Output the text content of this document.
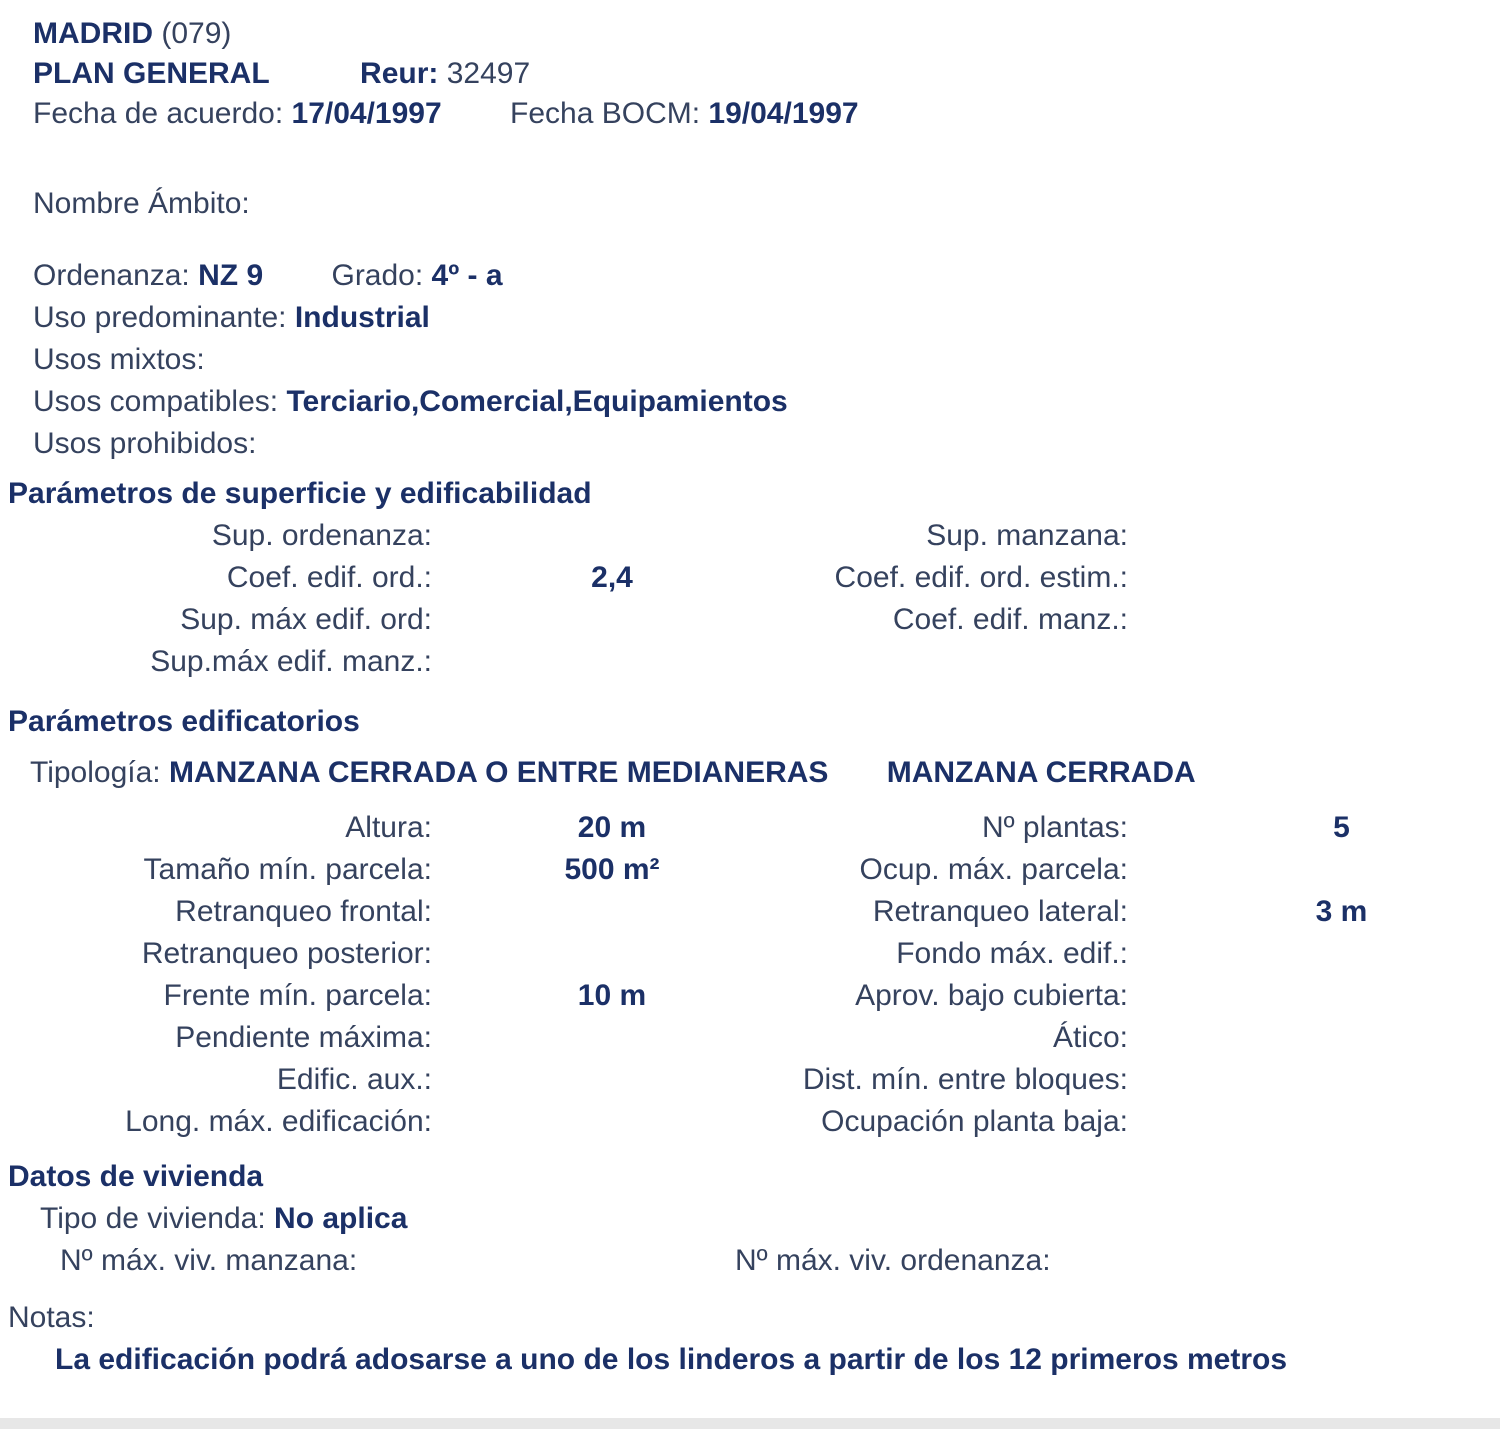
MADRID (079)
PLAN GENERAL	Reur: 32497
Fecha de acuerdo: 17/04/1997 Fecha BOCM: 19/04/1997
Nombre Ámbito:
Ordenanza: NZ 9 Grado: 4º - a
Uso predominante: Industrial
Usos mixtos:
Usos compatibles: Terciario,Comercial,Equipamientos
Usos prohibidos:
Parámetros de superficie y edificabilidad
Sup. ordenanza:	Sup. manzana:
Coef. edif. ord.:	2,4	Coef. edif. ord. estim.:
Sup. máx edif. ord:	Coef. edif. manz.:
Sup.máx edif. manz.:
Parámetros edificatorios
Tipología: MANZANA CERRADA O ENTRE MEDIANERAS MANZANA CERRADA
Altura:	20 m	Nº plantas:	5
Tamaño mín. parcela:	500 m²	Ocup. máx. parcela:
Retranqueo frontal:	Retranqueo lateral:	3 m
Retranqueo posterior:	Fondo máx. edif.:
Frente mín. parcela:	10 m	Aprov. bajo cubierta:
Pendiente máxima:	Ático:
Edific. aux.:	Dist. mín. entre bloques:
Long. máx. edificación:	Ocupación planta baja:
Datos de vivienda
Tipo de vivienda: No aplica
Nº máx. viv. manzana:	Nº máx. viv. ordenanza:
Notas:
La edificación podrá adosarse a uno de los linderos a partir de los 12 primeros metros
